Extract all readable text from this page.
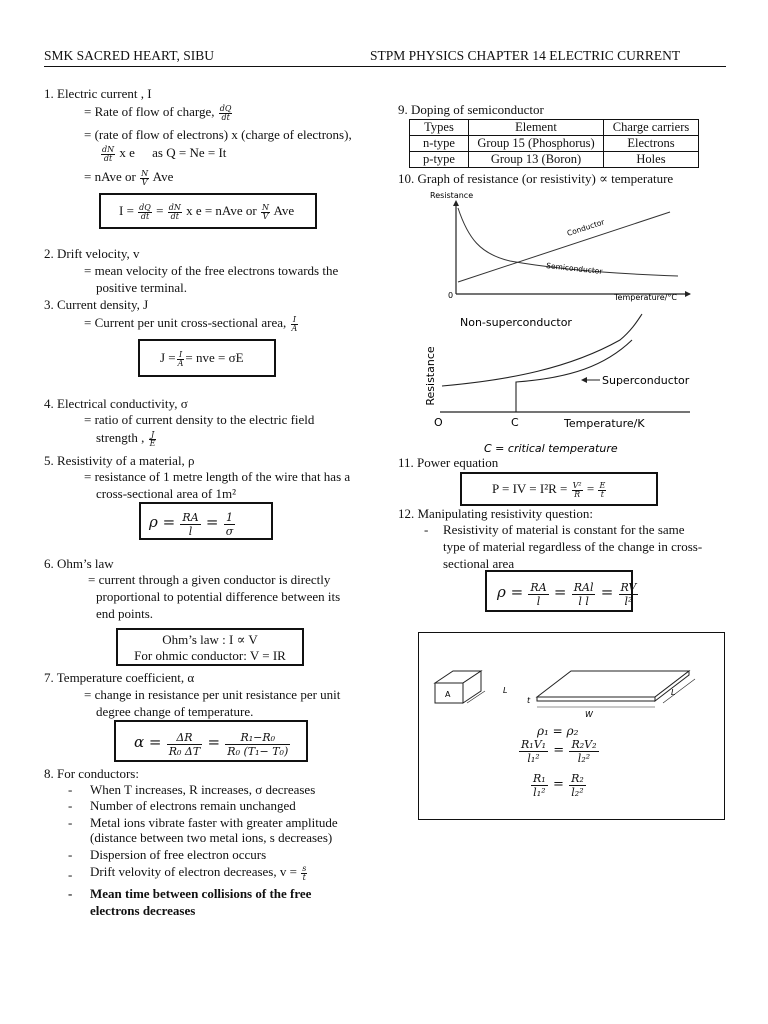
SMK SACRED HEART, SIBU	STPM PHYSICS CHAPTER 14 ELECTRIC CURRENT
1. Electric current , I
= Rate of flow of charge, $\frac{dQ}{dt}$
= (rate of flow of electrons) x (charge of electrons),
$\frac{dN}{dt}$ x e as Q = Ne = It
= nAve or $\frac{N}{V}$ Ave
$I = \frac{dQ}{dt} = \frac{dN}{dt}$ x e = nAve or $\frac{N}{V}$ Ave
2. Drift velocity, v
= mean velocity of the free electrons towards the
positive terminal.
3. Current density, J
= Current per unit cross-sectional area, $\frac{I}{A}$
$J = \frac{I}{A}$ = nve = σE
4. Electrical conductivity, σ
= ratio of current density to the electric field
strength , $\frac{J}{E}$
5. Resistivity of a material, ρ
= resistance of 1 metre length of the wire that has a
cross-sectional area of 1m²
$\rho = \frac{RA}{l} = \frac{1}{\sigma}$
6. Ohm’s law
= current through a given conductor is directly
proportional to potential difference between its
end points.
Ohm’s law : I ∝ V
For ohmic conductor: V = IR
7. Temperature coefficient, α
= change in resistance per unit resistance per unit
degree change of temperature.
$\alpha = \frac{\Delta R}{\text{R₀ ΔT}} = \frac{\text{R₁−R₀}}{\text{R₀ (T₁− T₀)}}$
8. For conductors:
- When T increases, R increases, σ decreases
- Number of electrons remain unchanged
- Metal ions vibrate faster with greater amplitude
(distance between two metal ions, s decreases)
- Dispersion of free electron occurs
- Drift velovity of electron decreases, $v = \frac{s}{t}$
- Mean time between collisions of the free
electrons decreases
9. Doping of semiconductor
Types	Element	Charge carriers
n-type	Group 15 (Phosphorus)	Electrons
p-type	Group 13 (Boron)	Holes
10. Graph of resistance (or resistivity) ∝ temperature
Resistance
Conductor
Semiconductor
0	Temperature/°C
Resistance	Superconductor
Non-superconductor
O	C	Temperature/K
C = critical temperature
11. Power equation
P = IV = $I^2R = \frac{\text{V²}}{R} = \frac{E}{t}$
12. Manipulating resistivity question:
- Resistivity of material is constant for the same
type of material regardless of the change in cross-
sectional area
$\rho = \frac{RA}{l}$ = RAl
l l
= $\frac{RV}{\text{l²}}$
A	L
t
W
L
ρ₁ = ρ₂
$\frac{\text{R₁V₁}}{\text{l₁²}} = \frac{\text{R₂V₂}}{\text{l₂²}}$
$\frac{\text{R₁}}{\text{l₁²}} = \frac{\text{R₂}}{\text{l₂²}}$
